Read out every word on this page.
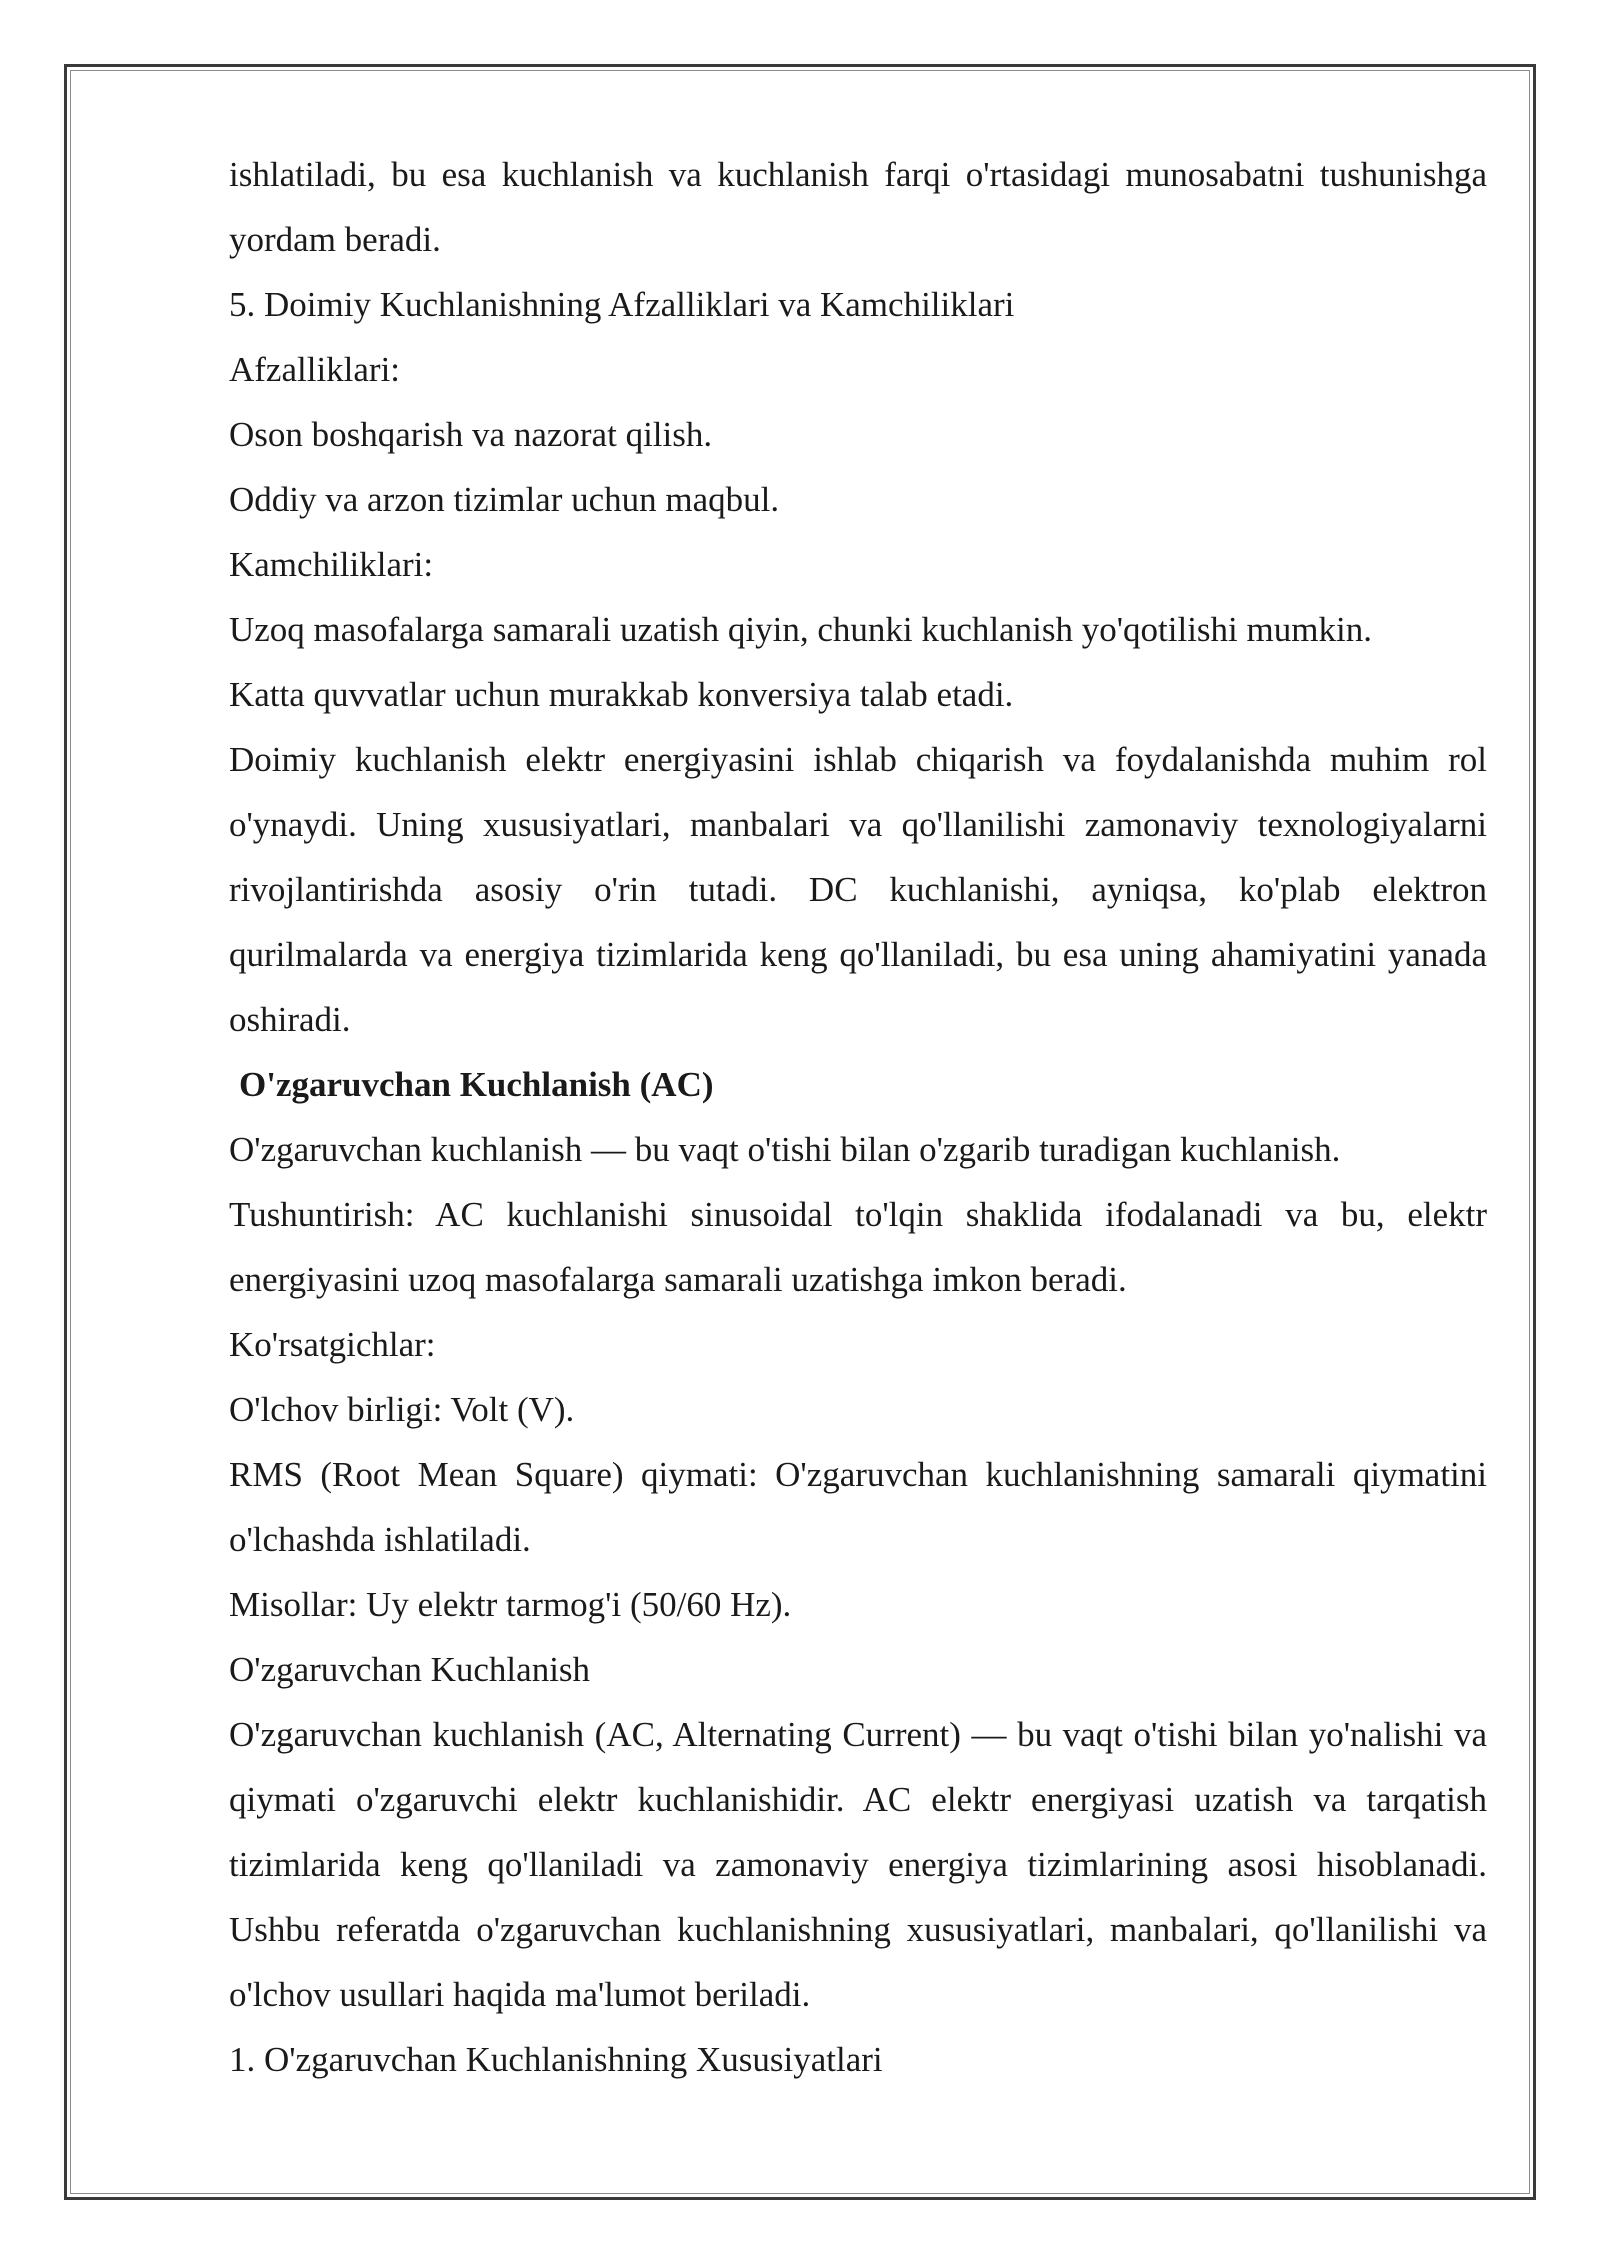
ishlatiladi, bu esa kuchlanish va kuchlanish farqi o'rtasidagi munosabatni tushunishga yordam beradi.

5. Doimiy Kuchlanishning Afzalliklari va Kamchiliklari

Afzalliklari:

Oson boshqarish va nazorat qilish.

Oddiy va arzon tizimlar uchun maqbul.

Kamchiliklari:

Uzoq masofalarga samarali uzatish qiyin, chunki kuchlanish yo'qotilishi mumkin.

Katta quvvatlar uchun murakkab konversiya talab etadi.

Doimiy kuchlanish elektr energiyasini ishlab chiqarish va foydalanishda muhim rol o'ynaydi. Uning xususiyatlari, manbalari va qo'llanilishi zamonaviy texnologiyalarni rivojlantirishda asosiy o'rin tutadi. DC kuchlanishi, ayniqsa, ko'plab elektron qurilmalarda va energiya tizimlarida keng qo'llaniladi, bu esa uning ahamiyatini yanada oshiradi.

O'zgaruvchan Kuchlanish (AC)

O'zgaruvchan kuchlanish — bu vaqt o'tishi bilan o'zgarib turadigan kuchlanish.

Tushuntirish: AC kuchlanishi sinusoidal to'lqin shaklida ifodalanadi va bu, elektr energiyasini uzoq masofalarga samarali uzatishga imkon beradi.

Ko'rsatgichlar:

O'lchov birligi: Volt (V).

RMS (Root Mean Square) qiymati: O'zgaruvchan kuchlanishning samarali qiymatini o'lchashda ishlatiladi.

Misollar: Uy elektr tarmog'i (50/60 Hz).

O'zgaruvchan Kuchlanish

O'zgaruvchan kuchlanish (AC, Alternating Current) — bu vaqt o'tishi bilan yo'nalishi va qiymati o'zgaruvchi elektr kuchlanishidir. AC elektr energiyasi uzatish va tarqatish tizimlarida keng qo'llaniladi va zamonaviy energiya tizimlarining asosi hisoblanadi. Ushbu referatda o'zgaruvchan kuchlanishning xususiyatlari, manbalari, qo'llanilishi va o'lchov usullari haqida ma'lumot beriladi.

1. O'zgaruvchan Kuchlanishning Xususiyatlari
